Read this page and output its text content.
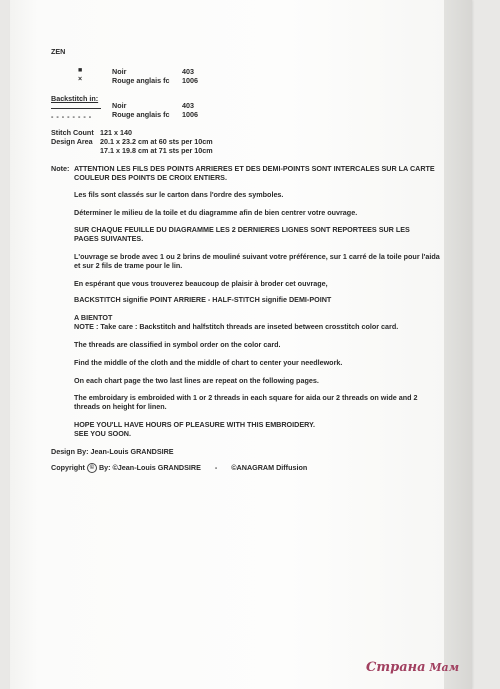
ZEN
■	Noir	403
×	Rouge anglais fc 1006
Backstitch in:
Noir	403
- - - - - - - -	Rouge anglais fc 1006
Stitch Count 121 x 140
Design Area 20.1 x 23.2 cm at 60 sts per 10cm
17.1 x 19.8 cm at 71 sts per 10cm
Note: ATTENTION LES FILS DES POINTS ARRIERES ET DES DEMI-POINTS SONT INTERCALES SUR LA CARTE COULEUR DES POINTS DE CROIX ENTIERS.
Les fils sont classés sur le carton dans l'ordre des symboles.
Déterminer le milieu de la toile et du diagramme afin de bien centrer votre ouvrage.
SUR CHAQUE FEUILLE DU DIAGRAMME LES 2 DERNIERES LIGNES SONT REPORTEES SUR LES PAGES SUIVANTES.
L'ouvrage se brode avec 1 ou 2 brins de mouliné suivant votre préférence, sur 1 carré de la toile pour l'aida et sur 2 fils de trame pour le lin.
En espérant que vous trouverez beaucoup de plaisir à broder cet ouvrage,
BACKSTITCH signifie POINT ARRIERE - HALF-STITCH signifie DEMI-POINT
A BIENTOT
NOTE : Take care : Backstitch and halfstitch threads are inseted between crosstitch color card.
The threads are classified in symbol order on the color card.
Find the middle of the cloth and the middle of chart to center your needlework.
On each chart page the two last lines are repeat on the following pages.
The embroidary is embroided with 1 or 2 threads in each square for aida our 2 threads on wide and 2 threads on height for linen.
HOPE YOU'LL HAVE HOURS OF PLEASURE WITH THIS EMBROIDERY.
SEE YOU SOON.
Design By: Jean-Louis GRANDSIRE
Copyright © By: ©Jean-Louis GRANDSIRE - ©ANAGRAM Diffusion
Страна Мам
